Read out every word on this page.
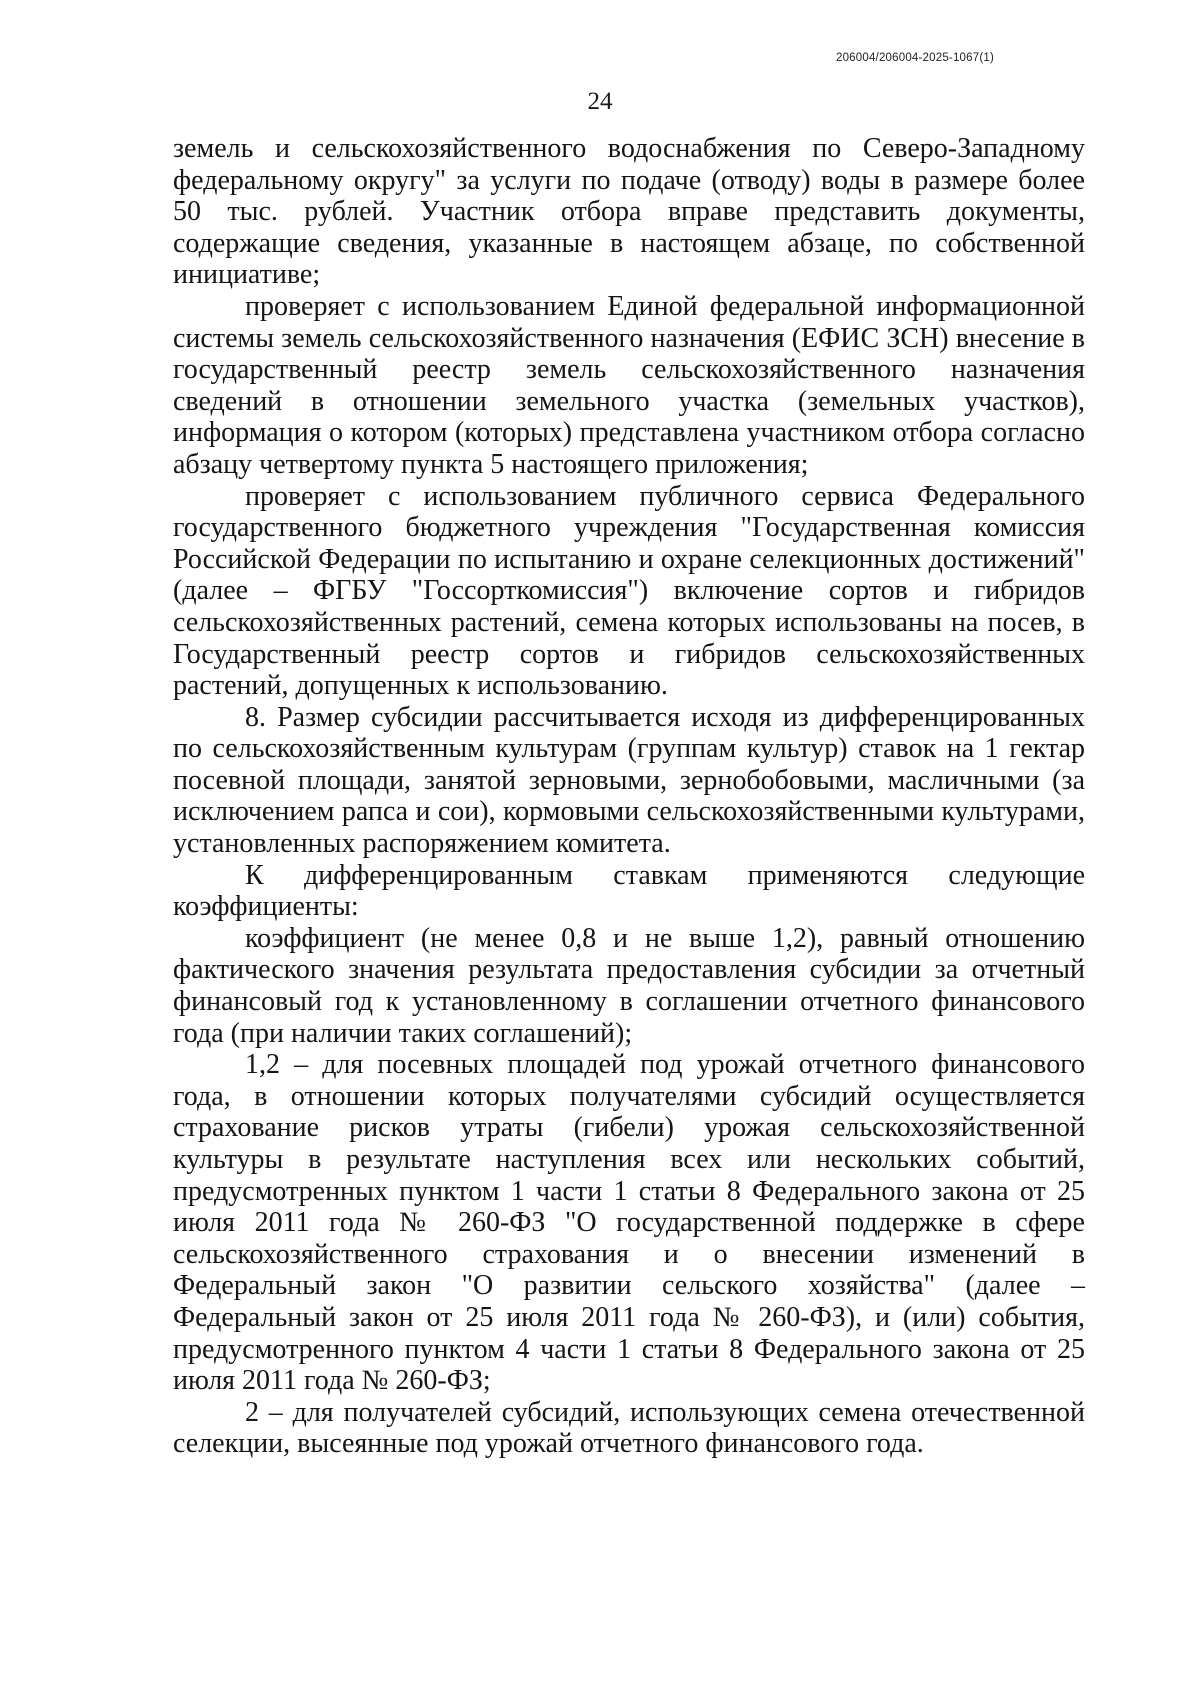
206004/206004-2025-1067(1)
24

земель и сельскохозяйственного водоснабжения по Северо-Западному федеральному округу" за услуги по подаче (отводу) воды в размере более 50 тыс. рублей. Участник отбора вправе представить документы, содержащие сведения, указанные в настоящем абзаце, по собственной инициативе;

проверяет с использованием Единой федеральной информационной системы земель сельскохозяйственного назначения (ЕФИС ЗСН) внесение в государственный реестр земель сельскохозяйственного назначения сведений в отношении земельного участка (земельных участков), информация о котором (которых) представлена участником отбора согласно абзацу четвертому пункта 5 настоящего приложения;

проверяет с использованием публичного сервиса Федерального государственного бюджетного учреждения "Государственная комиссия Российской Федерации по испытанию и охране селекционных достижений" (далее – ФГБУ "Госсорткомиссия") включение сортов и гибридов сельскохозяйственных растений, семена которых использованы на посев, в Государственный реестр сортов и гибридов сельскохозяйственных растений, допущенных к использованию.

8. Размер субсидии рассчитывается исходя из дифференцированных по сельскохозяйственным культурам (группам культур) ставок на 1 гектар посевной площади, занятой зерновыми, зернобобовыми, масличными (за исключением рапса и сои), кормовыми сельскохозяйственными культурами, установленных распоряжением комитета.

К дифференцированным ставкам применяются следующие коэффициенты:

коэффициент (не менее 0,8 и не выше 1,2), равный отношению фактического значения результата предоставления субсидии за отчетный финансовый год к установленному в соглашении отчетного финансового года (при наличии таких соглашений);

1,2 – для посевных площадей под урожай отчетного финансового года, в отношении которых получателями субсидий осуществляется страхование рисков утраты (гибели) урожая сельскохозяйственной культуры в результате наступления всех или нескольких событий, предусмотренных пунктом 1 части 1 статьи 8 Федерального закона от 25 июля 2011 года № 260-ФЗ "О государственной поддержке в сфере сельскохозяйственного страхования и о внесении изменений в Федеральный закон "О развитии сельского хозяйства" (далее – Федеральный закон от 25 июля 2011 года № 260-ФЗ), и (или) события, предусмотренного пунктом 4 части 1 статьи 8 Федерального закона от 25 июля 2011 года № 260-ФЗ;

2 – для получателей субсидий, использующих семена отечественной селекции, высеянные под урожай отчетного финансового года.
